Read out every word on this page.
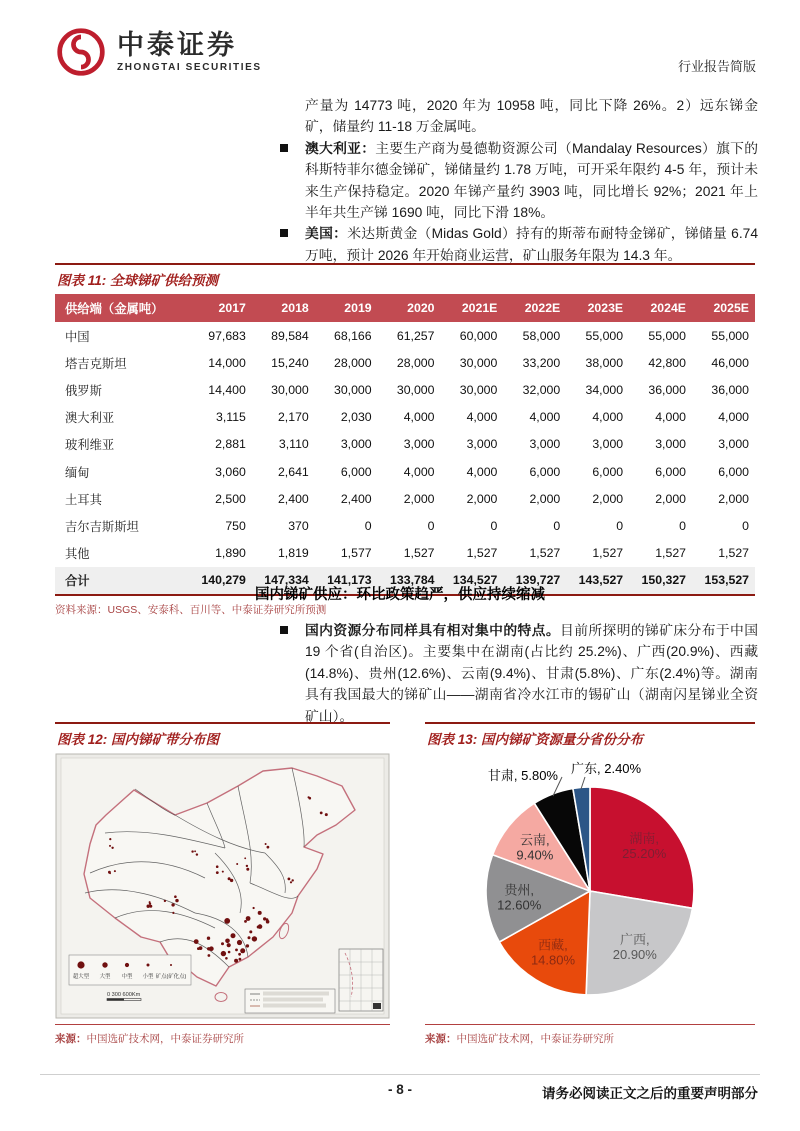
中泰证券
ZHONGTAI SECURITIES	行业报告简版
产量为 14773 吨，2020 年为 10958 吨，同比下降 26%。2）远东锑金矿，储量约 11-18 万金属吨。
澳大利亚：主要生产商为曼德勒资源公司（Mandalay Resources）旗下的科斯特菲尔德金锑矿，锑储量约 1.78 万吨，可开采年限约 4-5 年，预计未来生产保持稳定。2020 年锑产量约 3903 吨，同比增长 92%；2021 年上半年共生产锑 1690 吨，同比下滑 18%。
美国：米达斯黄金（Midas Gold）持有的斯蒂布耐特金锑矿，锑储量 6.74 万吨，预计 2026 年开始商业运营，矿山服务年限为 14.3 年。
图表 11: 全球锑矿供给预测
供给端（金属吨）	2017	2018	2019	2020	2021E	2022E	2023E	2024E	2025E
中国	97,683	89,584	68,166	61,257	60,000	58,000	55,000	55,000	55,000
塔吉克斯坦	14,000	15,240	28,000	28,000	30,000	33,200	38,000	42,800	46,000
俄罗斯	14,400	30,000	30,000	30,000	30,000	32,000	34,000	36,000	36,000
澳大利亚	3,115	2,170	2,030	4,000	4,000	4,000	4,000	4,000	4,000
玻利维亚	2,881	3,110	3,000	3,000	3,000	3,000	3,000	3,000	3,000
缅甸	3,060	2,641	6,000	4,000	4,000	6,000	6,000	6,000	6,000
土耳其	2,500	2,400	2,400	2,000	2,000	2,000	2,000	2,000	2,000
吉尔吉斯斯坦	750	370	0	0	0	0	0	0	0
其他	1,890	1,819	1,577	1,527	1,527	1,527	1,527	1,527	1,527
合计	140,279	147,334	141,173	133,784	134,527	139,727	143,527	150,327	153,527
资料来源：USGS、安泰科、百川等、中泰证券研究所预测
国内锑矿供应：环比政策趋严，供应持续缩减
国内资源分布同样具有相对集中的特点。目前所探明的锑矿床分布于中国 19 个省(自治区)。主要集中在湖南(占比约 25.2%)、广西(20.9%)、西藏(14.8%)、贵州(12.6%)、云南(9.4%)、甘肃(5.8%)、广东(2.4%)等。湖南具有我国最大的锑矿山——湖南省冷水江市的锡矿山（湖南闪星锑业全资矿山）。
图表 12: 国内锑矿带分布图
超大型 大型 中型 小型 矿点(矿化点)
0 300 600Km
来源：中国选矿技术网，中泰证券研究所
图表 13: 国内锑矿资源量分省份分布
湖南, 25.20%
广西, 20.90%
西藏, 14.80%
贵州, 12.60%
云南, 9.40%
甘肃, 5.80% 广东, 2.40%
来源：中国选矿技术网，中泰证券研究所
- 8 -	请务必阅读正文之后的重要声明部分
